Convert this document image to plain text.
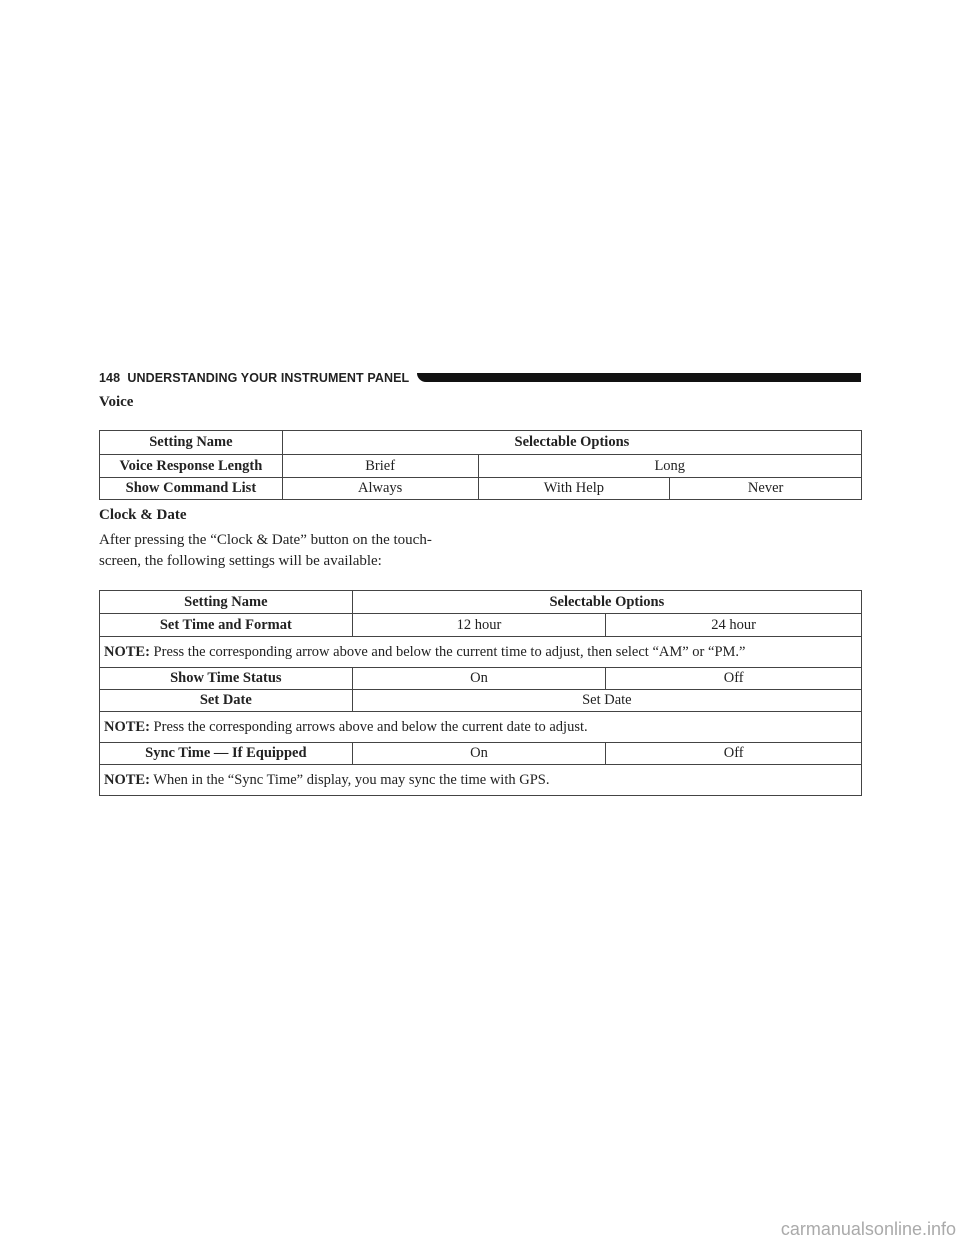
148 UNDERSTANDING YOUR INSTRUMENT PANEL
Voice
Setting Name	Selectable Options		
Voice Response Length	Brief	Long	
Show Command List	Always	With Help	Never
Clock & Date
After pressing the “Clock & Date” button on the touch-
screen, the following settings will be available:
Setting Name	Selectable Options	
Set Time and Format	12 hour	24 hour
NOTE: Press the corresponding arrow above and below the current time to adjust, then select “AM” or “PM.”		
Show Time Status	On	Off
Set Date	Set Date	
NOTE: Press the corresponding arrows above and below the current date to adjust.		
Sync Time — If Equipped	On	Off
NOTE: When in the “Sync Time” display, you may sync the time with GPS.		
carmanualsonline.info
